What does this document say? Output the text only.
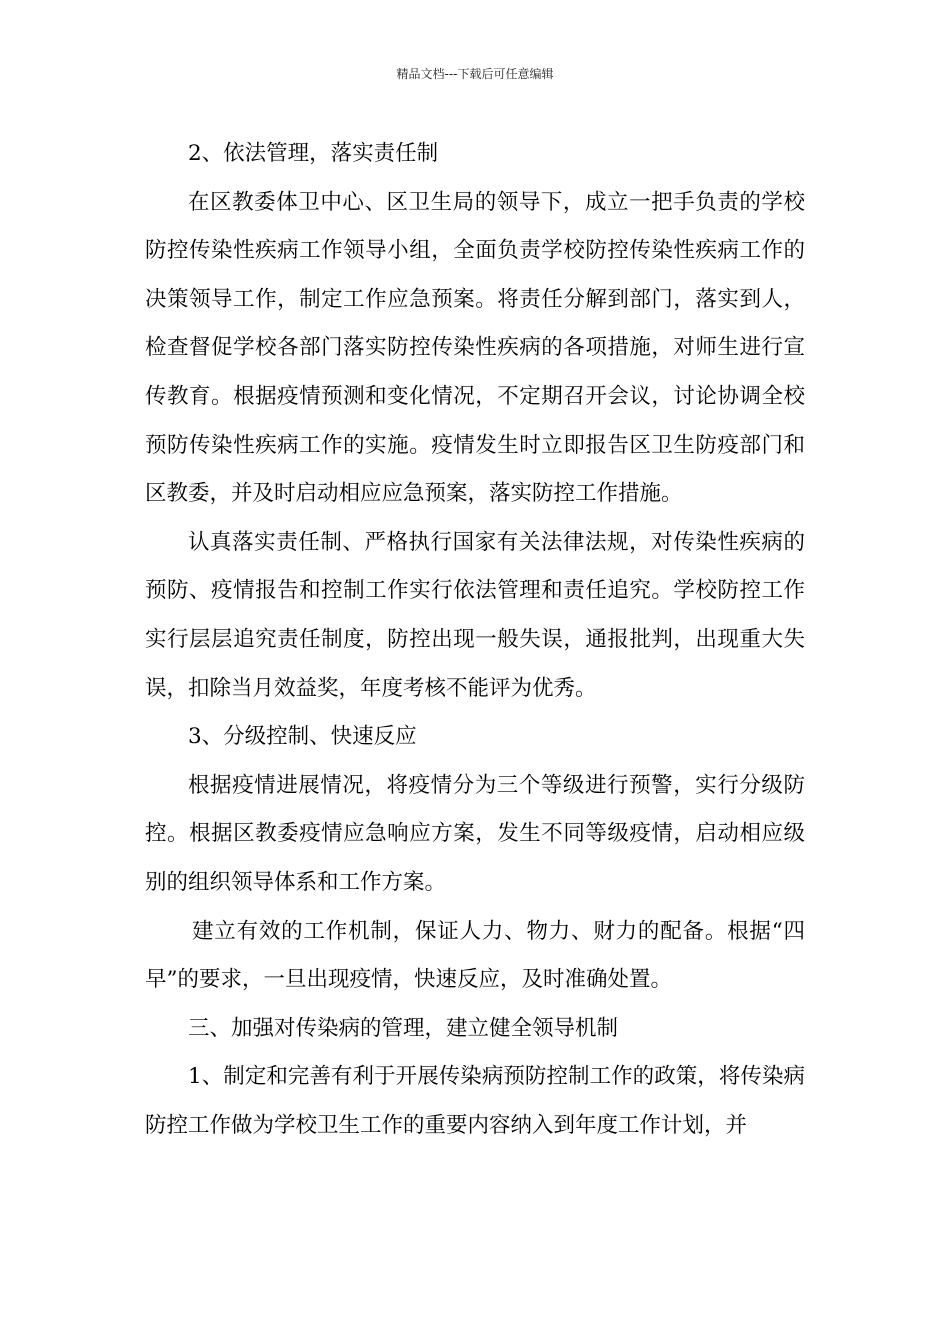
精品文档---下载后可任意编辑

2、依法管理，落实责任制

在区教委体卫中心、区卫生局的领导下，成立一把手负责的学校防控传染性疾病工作领导小组，全面负责学校防控传染性疾病工作的决策领导工作，制定工作应急预案。将责任分解到部门，落实到人，检查督促学校各部门落实防控传染性疾病的各项措施，对师生进行宣传教育。根据疫情预测和变化情况，不定期召开会议，讨论协调全校预防传染性疾病工作的实施。疫情发生时立即报告区卫生防疫部门和区教委，并及时启动相应应急预案，落实防控工作措施。

认真落实责任制、严格执行国家有关法律法规，对传染性疾病的预防、疫情报告和控制工作实行依法管理和责任追究。学校防控工作实行层层追究责任制度，防控出现一般失误，通报批判，出现重大失误，扣除当月效益奖，年度考核不能评为优秀。

3、分级控制、快速反应

根据疫情进展情况，将疫情分为三个等级进行预警，实行分级防控。根据区教委疫情应急响应方案，发生不同等级疫情，启动相应级别的组织领导体系和工作方案。

建立有效的工作机制，保证人力、物力、财力的配备。根据“四早”的要求，一旦出现疫情，快速反应，及时准确处置。

三、加强对传染病的管理，建立健全领导机制

1、制定和完善有利于开展传染病预防控制工作的政策，将传染病防控工作做为学校卫生工作的重要内容纳入到年度工作计划，并
